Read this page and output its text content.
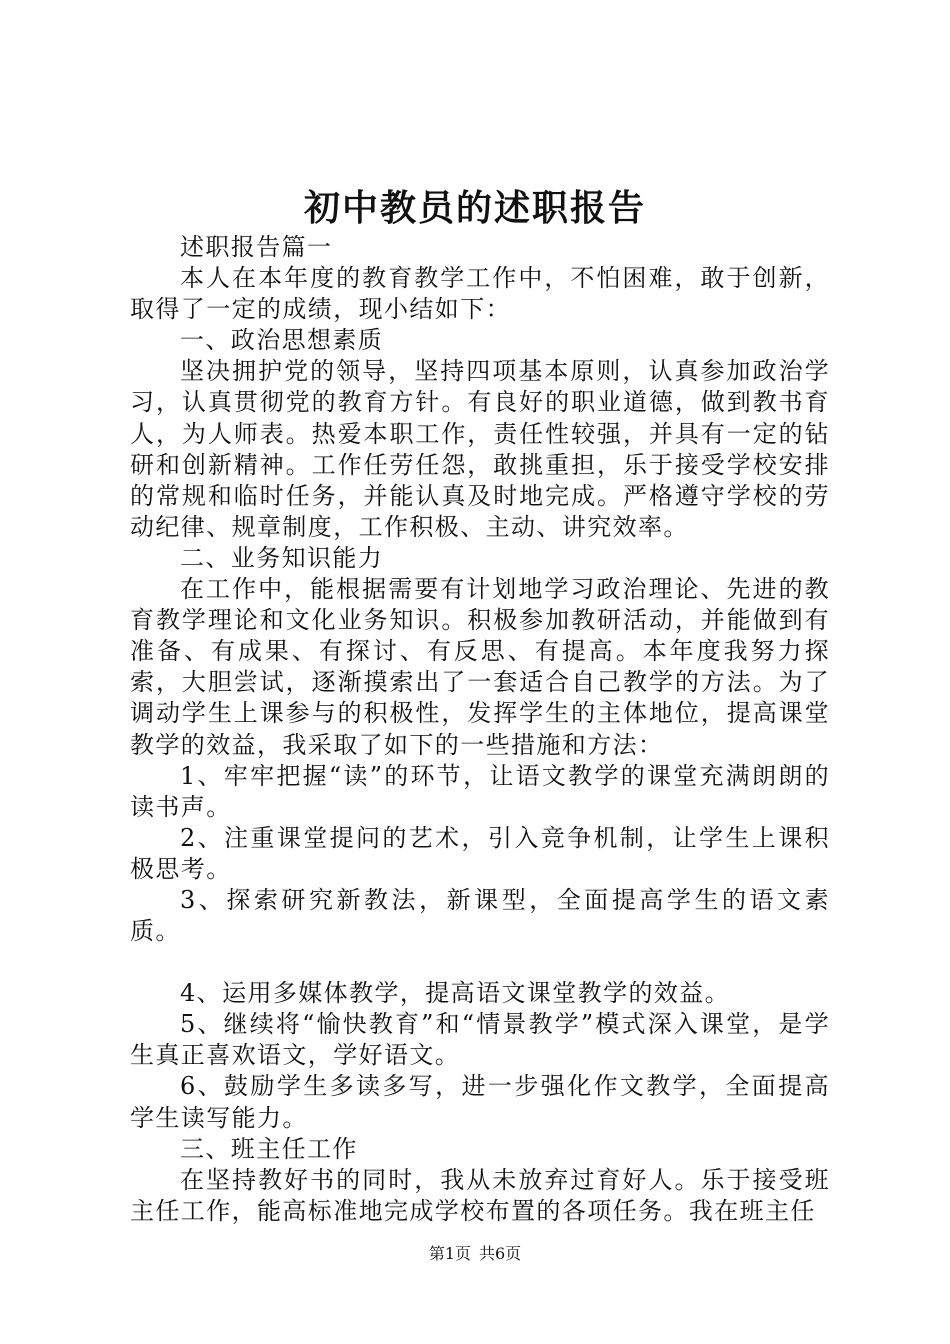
初中教员的述职报告

述职报告篇一

本人在本年度的教育教学工作中，不怕困难，敢于创新，取得了一定的成绩，现小结如下：

一、政治思想素质

坚决拥护党的领导，坚持四项基本原则，认真参加政治学习，认真贯彻党的教育方针。有良好的职业道德，做到教书育人，为人师表。热爱本职工作，责任性较强，并具有一定的钻研和创新精神。工作任劳任怨，敢挑重担，乐于接受学校安排的常规和临时任务，并能认真及时地完成。严格遵守学校的劳动纪律、规章制度，工作积极、主动、讲究效率。

二、业务知识能力

在工作中，能根据需要有计划地学习政治理论、先进的教育教学理论和文化业务知识。积极参加教研活动，并能做到有准备、有成果、有探讨、有反思、有提高。本年度我努力探索，大胆尝试，逐渐摸索出了一套适合自己教学的方法。为了调动学生上课参与的积极性，发挥学生的主体地位，提高课堂教学的效益，我采取了如下的一些措施和方法：

1、牢牢把握“读”的环节，让语文教学的课堂充满朗朗的读书声。

2、注重课堂提问的艺术，引入竞争机制，让学生上课积极思考。

3、探索研究新教法，新课型，全面提高学生的语文素质。

4、运用多媒体教学，提高语文课堂教学的效益。

5、继续将“愉快教育”和“情景教学”模式深入课堂，是学生真正喜欢语文，学好语文。

6、鼓励学生多读多写，进一步强化作文教学，全面提高学生读写能力。

三、班主任工作

在坚持教好书的同时，我从未放弃过育好人。乐于接受班主任工作，能高标准地完成学校布置的各项任务。我在班主任

第1页 共6页
